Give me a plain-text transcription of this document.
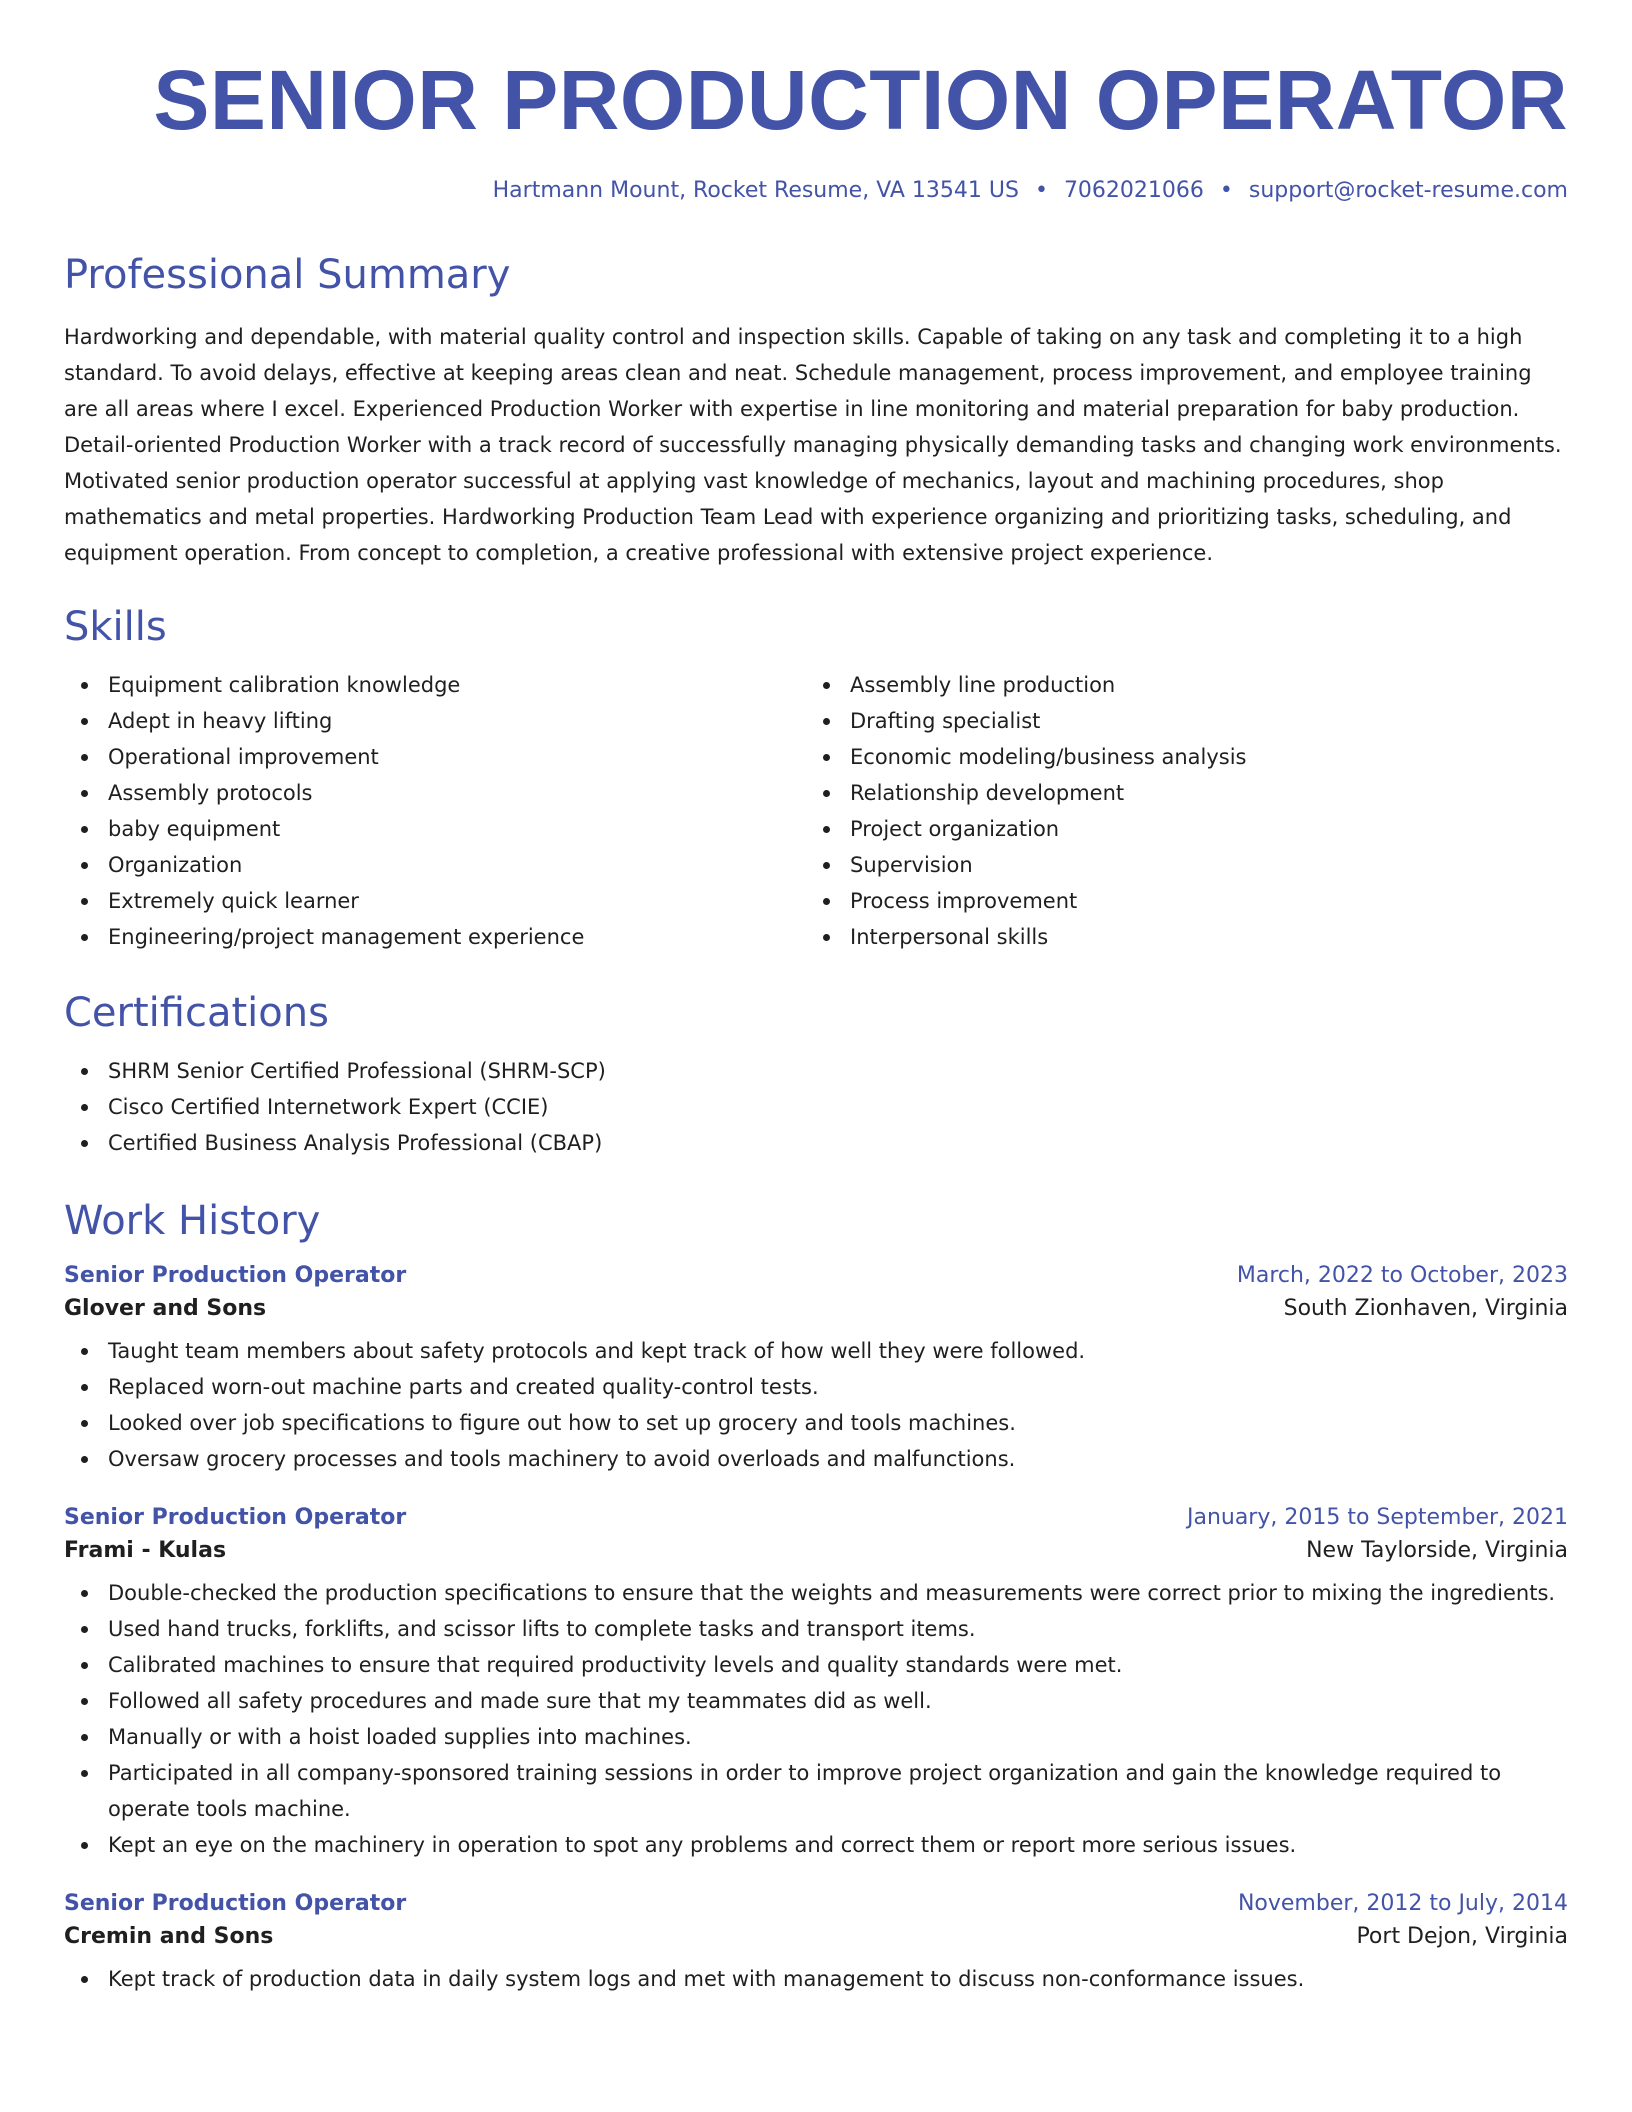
SENIOR PRODUCTION OPERATOR
Hartmann Mount, Rocket Resume, VA 13541 US • 7062021066 • support@rocket-resume.com
Professional Summary

Hardworking and dependable, with material quality control and inspection skills. Capable of taking on any task and completing it to a high standard. To avoid delays, effective at keeping areas clean and neat. Schedule management, process improvement, and employee training are all areas where I excel. Experienced Production Worker with expertise in line monitoring and material preparation for baby production. Detail-oriented Production Worker with a track record of successfully managing physically demanding tasks and changing work environments. Motivated senior production operator successful at applying vast knowledge of mechanics, layout and machining procedures, shop mathematics and metal properties. Hardworking Production Team Lead with experience organizing and prioritizing tasks, scheduling, and equipment operation. From concept to completion, a creative professional with extensive project experience.

Skills
Equipment calibration knowledge
Adept in heavy lifting
Operational improvement
Assembly protocols
baby equipment
Organization
Extremely quick learner
Engineering/project management experience
Assembly line production
Drafting specialist
Economic modeling/business analysis
Relationship development
Project organization
Supervision
Process improvement
Interpersonal skills
Certifications
SHRM Senior Certified Professional (SHRM-SCP)
Cisco Certified Internetwork Expert (CCIE)
Certified Business Analysis Professional (CBAP)
Work History
Senior Production Operator	March, 2022 to October, 2023
Glover and Sons	South Zionhaven, Virginia
Taught team members about safety protocols and kept track of how well they were followed.
Replaced worn-out machine parts and created quality-control tests.
Looked over job specifications to figure out how to set up grocery and tools machines.
Oversaw grocery processes and tools machinery to avoid overloads and malfunctions.
Senior Production Operator	January, 2015 to September, 2021
Frami - Kulas	New Taylorside, Virginia
Double-checked the production specifications to ensure that the weights and measurements were correct prior to mixing the ingredients.
Used hand trucks, forklifts, and scissor lifts to complete tasks and transport items.
Calibrated machines to ensure that required productivity levels and quality standards were met.
Followed all safety procedures and made sure that my teammates did as well.
Manually or with a hoist loaded supplies into machines.
Participated in all company-sponsored training sessions in order to improve project organization and gain the knowledge required to operate tools machine.
Kept an eye on the machinery in operation to spot any problems and correct them or report more serious issues.
Senior Production Operator	November, 2012 to July, 2014
Cremin and Sons	Port Dejon, Virginia
Kept track of production data in daily system logs and met with management to discuss non-conformance issues.
